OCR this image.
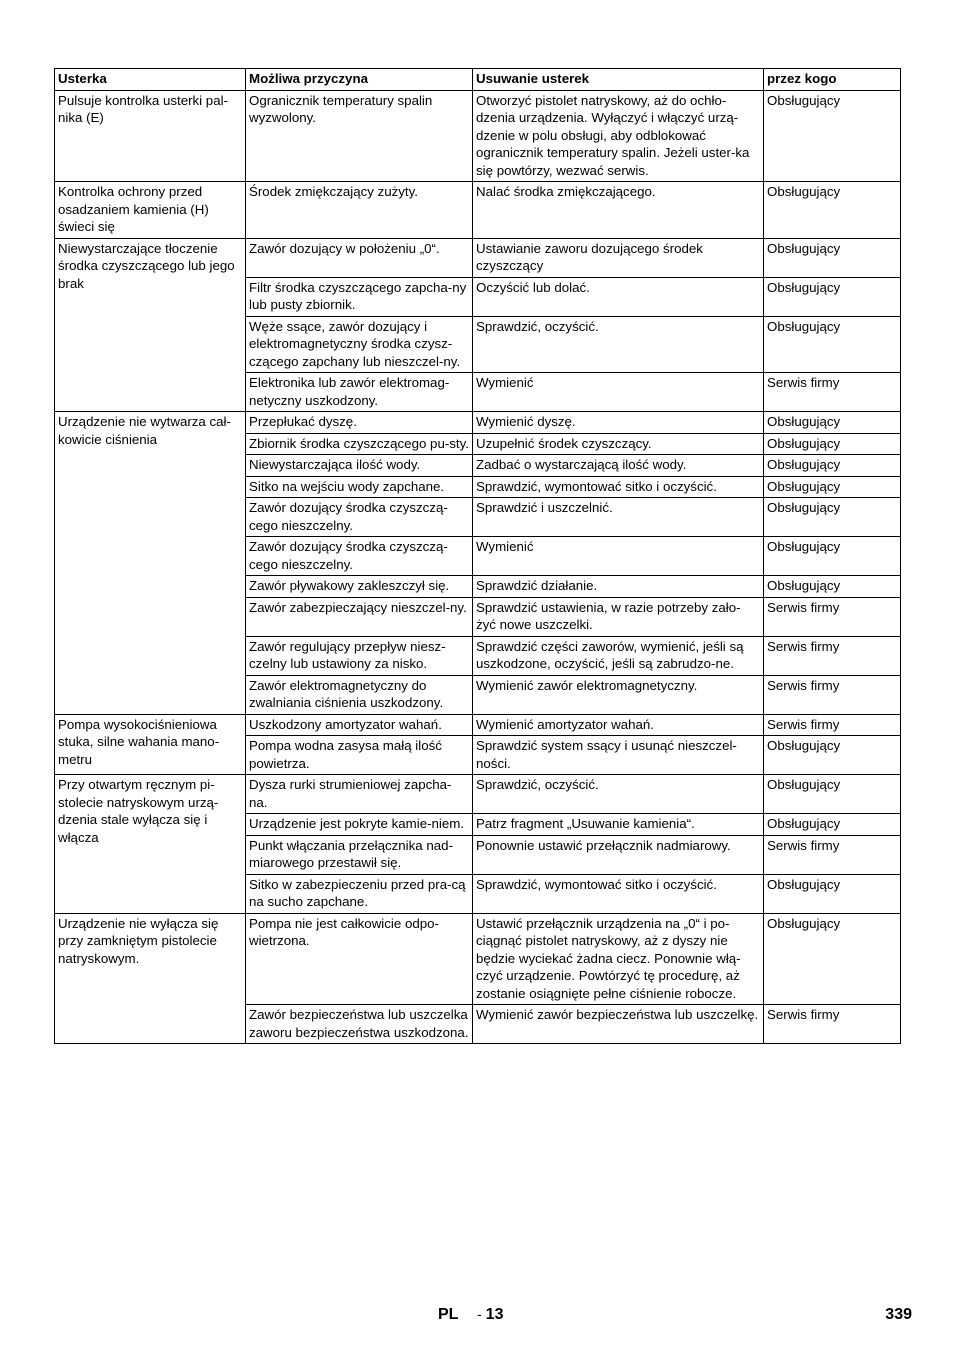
Usterka	Możliwa przyczyna	Usuwanie usterek	przez kogo
Pulsuje kontrolka usterki pal-nika (E)	Ogranicznik temperatury spalin wyzwolony.	Otworzyć pistolet natryskowy, aż do ochło-dzenia urządzenia. Wyłączyć i włączyć urzą-dzenie w polu obsługi, aby odblokować ogranicznik temperatury spalin. Jeżeli uster-ka się powtórzy, wezwać serwis.	Obsługujący
Kontrolka ochrony przed osadzaniem kamienia (H) świeci się	Środek zmiękczający zużyty.	Nalać środka zmiękczającego.	Obsługujący
Niewystarczające tłoczenie środka czyszczącego lub jego brak	Zawór dozujący w położeniu „0“.	Ustawianie zaworu dozującego środek czyszczący	Obsługujący
	Filtr środka czyszczącego zapcha-ny lub pusty zbiornik.	Oczyścić lub dolać.	Obsługujący
	Węże ssące, zawór dozujący i elektromagnetyczny środka czysz-czącego zapchany lub nieszczel-ny.	Sprawdzić, oczyścić.	Obsługujący
	Elektronika lub zawór elektromag-netyczny uszkodzony.	Wymienić	Serwis firmy
Urządzenie nie wytwarza cał-kowicie ciśnienia	Przepłukać dyszę.	Wymienić dyszę.	Obsługujący
	Zbiornik środka czyszczącego pu-sty.	Uzupełnić środek czyszczący.	Obsługujący
	Niewystarczająca ilość wody.	Zadbać o wystarczającą ilość wody.	Obsługujący
	Sitko na wejściu wody zapchane.	Sprawdzić, wymontować sitko i oczyścić.	Obsługujący
	Zawór dozujący środka czyszczą-cego nieszczelny.	Sprawdzić i uszczelnić.	Obsługujący
	Zawór dozujący środka czyszczą-cego nieszczelny.	Wymienić	Obsługujący
	Zawór pływakowy zakleszczył się.	Sprawdzić działanie.	Obsługujący
	Zawór zabezpieczający nieszczel-ny.	Sprawdzić ustawienia, w razie potrzeby zało-żyć nowe uszczelki.	Serwis firmy
	Zawór regulujący przepływ niesz-czelny lub ustawiony za nisko.	Sprawdzić części zaworów, wymienić, jeśli są uszkodzone, oczyścić, jeśli są zabrudzo-ne.	Serwis firmy
	Zawór elektromagnetyczny do zwalniania ciśnienia uszkodzony.	Wymienić zawór elektromagnetyczny.	Serwis firmy
Pompa wysokociśnieniowa stuka, silne wahania mano-metru	Uszkodzony amortyzator wahań.	Wymienić amortyzator wahań.	Serwis firmy
	Pompa wodna zasysa małą ilość powietrza.	Sprawdzić system ssący i usunąć nieszczel-ności.	Obsługujący
Przy otwartym ręcznym pi-stolecie natryskowym urzą-dzenia stale wyłącza się i włącza	Dysza rurki strumieniowej zapcha-na.	Sprawdzić, oczyścić.	Obsługujący
	Urządzenie jest pokryte kamie-niem.	Patrz fragment „Usuwanie kamienia“.	Obsługujący
	Punkt włączania przełącznika nad-miarowego przestawił się.	Ponownie ustawić przełącznik nadmiarowy.	Serwis firmy
	Sitko w zabezpieczeniu przed pra-cą na sucho zapchane.	Sprawdzić, wymontować sitko i oczyścić.	Obsługujący
Urządzenie nie wyłącza się przy zamkniętym pistolecie natryskowym.	Pompa nie jest całkowicie odpo-wietrzona.	Ustawić przełącznik urządzenia na „0“ i po-ciągnąć pistolet natryskowy, aż z dyszy nie będzie wyciekać żadna ciecz. Ponownie włą-czyć urządzenie. Powtórzyć tę procedurę, aż zostanie osiągnięte pełne ciśnienie robocze.	Obsługujący
	Zawór bezpieczeństwa lub uszczelka zaworu bezpieczeństwa uszkodzona.	Wymienić zawór bezpieczeństwa lub uszczelkę.	Serwis firmy
PL - 13	339
